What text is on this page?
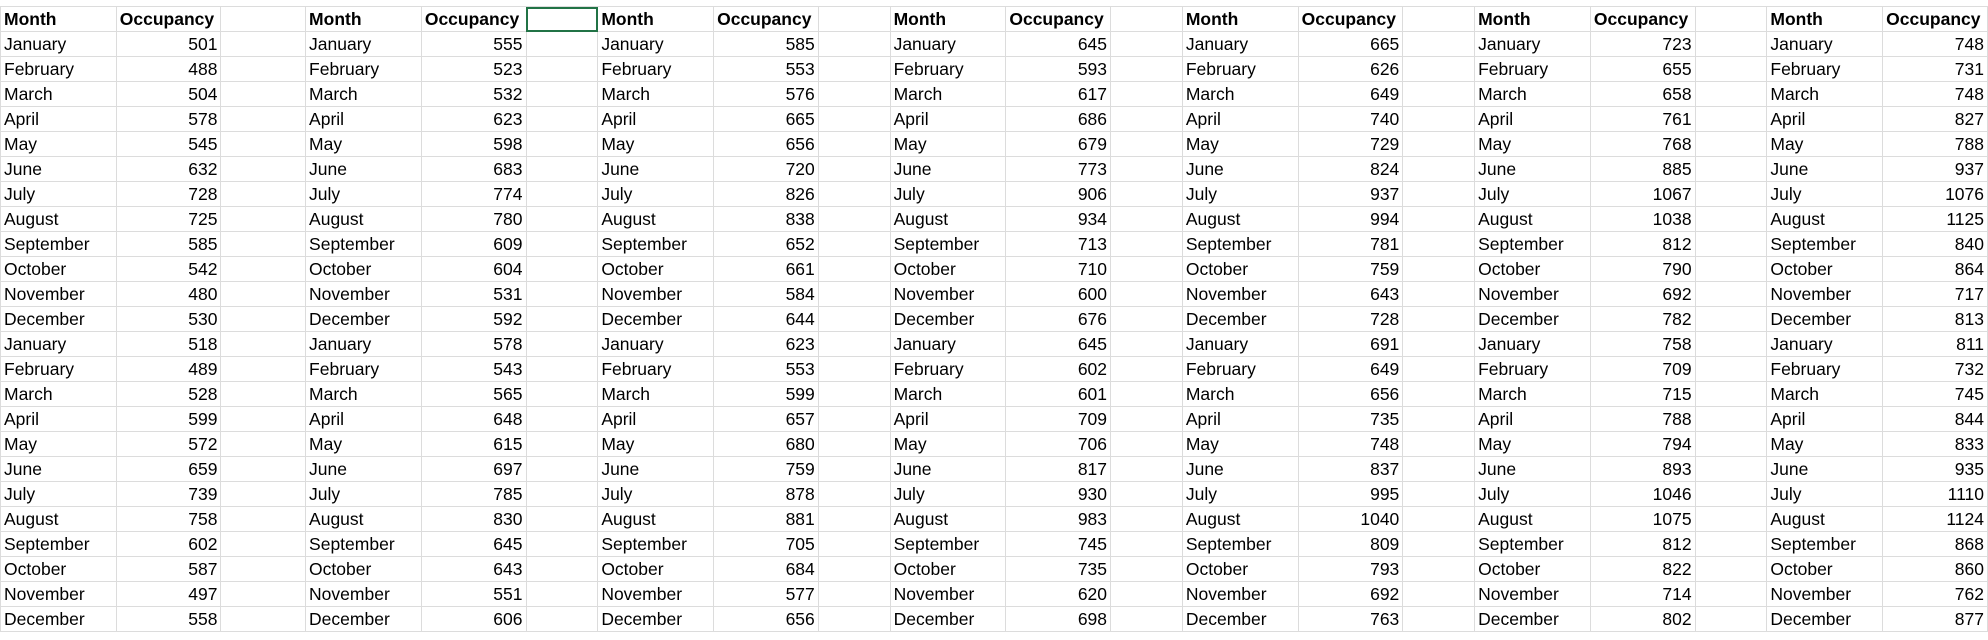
Month	Occupancy		Month	Occupancy		Month	Occupancy		Month	Occupancy		Month	Occupancy		Month	Occupancy		Month	Occupancy
January	501		January	555		January	585		January	645		January	665		January	723		January	748
February	488		February	523		February	553		February	593		February	626		February	655		February	731
March	504		March	532		March	576		March	617		March	649		March	658		March	748
April	578		April	623		April	665		April	686		April	740		April	761		April	827
May	545		May	598		May	656		May	679		May	729		May	768		May	788
June	632		June	683		June	720		June	773		June	824		June	885		June	937
July	728		July	774		July	826		July	906		July	937		July	1067		July	1076
August	725		August	780		August	838		August	934		August	994		August	1038		August	1125
September	585		September	609		September	652		September	713		September	781		September	812		September	840
October	542		October	604		October	661		October	710		October	759		October	790		October	864
November	480		November	531		November	584		November	600		November	643		November	692		November	717
December	530		December	592		December	644		December	676		December	728		December	782		December	813
January	518		January	578		January	623		January	645		January	691		January	758		January	811
February	489		February	543		February	553		February	602		February	649		February	709		February	732
March	528		March	565		March	599		March	601		March	656		March	715		March	745
April	599		April	648		April	657		April	709		April	735		April	788		April	844
May	572		May	615		May	680		May	706		May	748		May	794		May	833
June	659		June	697		June	759		June	817		June	837		June	893		June	935
July	739		July	785		July	878		July	930		July	995		July	1046		July	1110
August	758		August	830		August	881		August	983		August	1040		August	1075		August	1124
September	602		September	645		September	705		September	745		September	809		September	812		September	868
October	587		October	643		October	684		October	735		October	793		October	822		October	860
November	497		November	551		November	577		November	620		November	692		November	714		November	762
December	558		December	606		December	656		December	698		December	763		December	802		December	877
